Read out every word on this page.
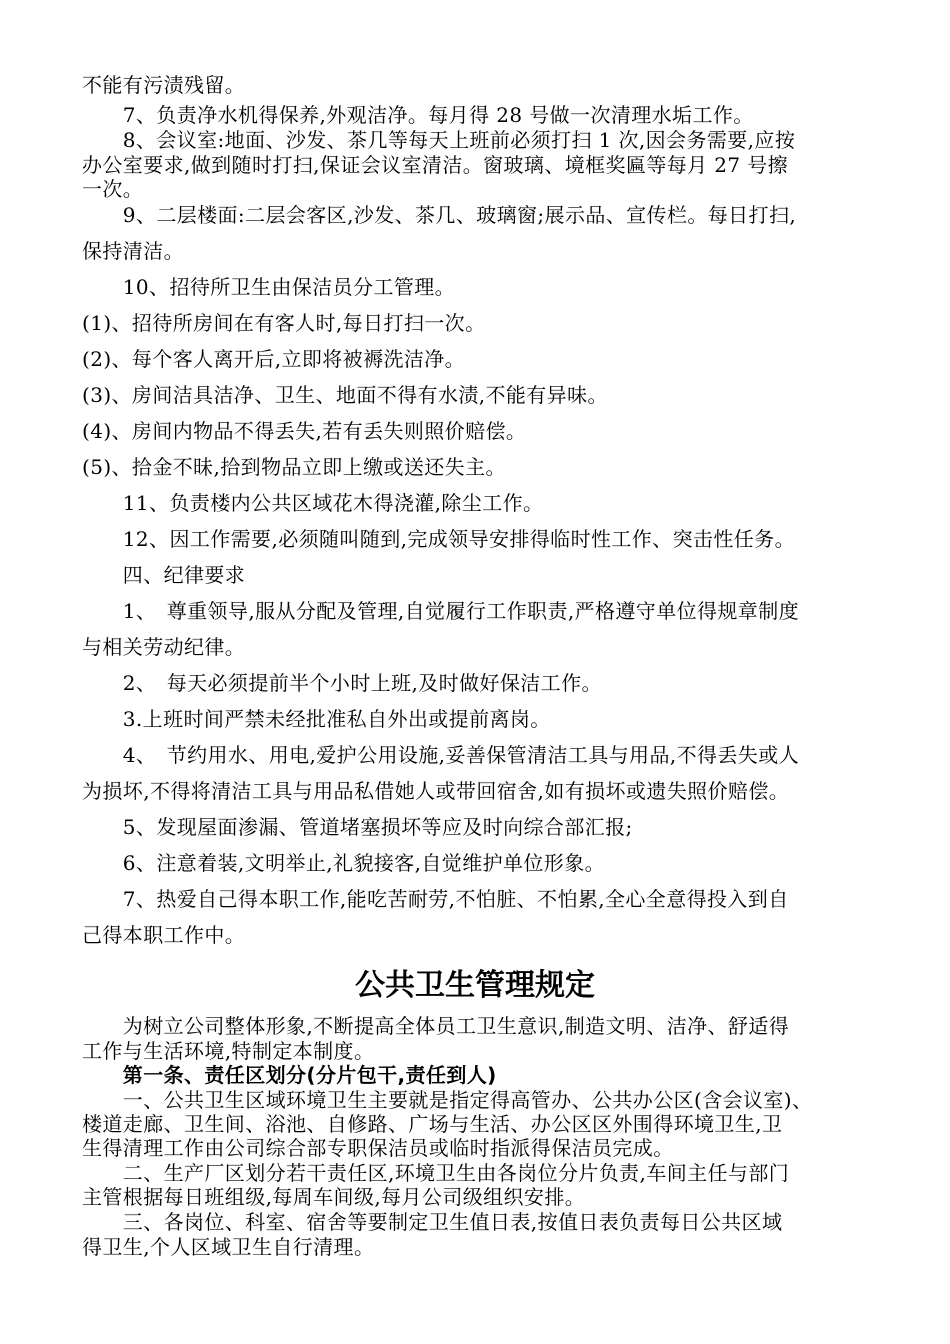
不能有污渍残留。

　　7、负责净水机得保养,外观洁净。每月得 28 号做一次清理水垢工作。

　　8、会议室:地面、沙发、茶几等每天上班前必须打扫 1 次,因会务需要,应按

办公室要求,做到随时打扫,保证会议室清洁。窗玻璃、境框奖匾等每月 27 号擦

一次。

　　9、二层楼面:二层会客区,沙发、茶几、玻璃窗;展示品、宣传栏。每日打扫,

保持清洁。

　　10、招待所卫生由保洁员分工管理。

(1)、招待所房间在有客人时,每日打扫一次。

(2)、每个客人离开后,立即将被褥洗洁净。

(3)、房间洁具洁净、卫生、地面不得有水渍,不能有异味。

(4)、房间内物品不得丢失,若有丢失则照价赔偿。

(5)、拾金不昧,拾到物品立即上缴或送还失主。

　　11、负责楼内公共区域花木得浇灌,除尘工作。

　　12、因工作需要,必须随叫随到,完成领导安排得临时性工作、突击性任务。

　　四、纪律要求

　　1、　尊重领导,服从分配及管理,自觉履行工作职责,严格遵守单位得规章制度

与相关劳动纪律。

　　2、　每天必须提前半个小时上班,及时做好保洁工作。

　　3.上班时间严禁未经批准私自外出或提前离岗。

　　4、　节约用水、用电,爱护公用设施,妥善保管清洁工具与用品,不得丢失或人

为损坏,不得将清洁工具与用品私借她人或带回宿舍,如有损坏或遗失照价赔偿。

　　5、发现屋面渗漏、管道堵塞损坏等应及时向综合部汇报;

　　6、注意着装,文明举止,礼貌接客,自觉维护单位形象。

　　7、热爱自己得本职工作,能吃苦耐劳,不怕脏、不怕累,全心全意得投入到自

己得本职工作中。

公共卫生管理规定

　　为树立公司整体形象,不断提高全体员工卫生意识,制造文明、洁净、舒适得

工作与生活环境,特制定本制度。

　　第一条、责任区划分(分片包干,责任到人)

　　一、公共卫生区域环境卫生主要就是指定得高管办、公共办公区(含会议室)、

楼道走廊、卫生间、浴池、自修路、广场与生活、办公区区外围得环境卫生,卫

生得清理工作由公司综合部专职保洁员或临时指派得保洁员完成。

　　二、生产厂区划分若干责任区,环境卫生由各岗位分片负责,车间主任与部门

主管根据每日班组级,每周车间级,每月公司级组织安排。

　　三、各岗位、科室、宿舍等要制定卫生值日表,按值日表负责每日公共区域

得卫生,个人区域卫生自行清理。
